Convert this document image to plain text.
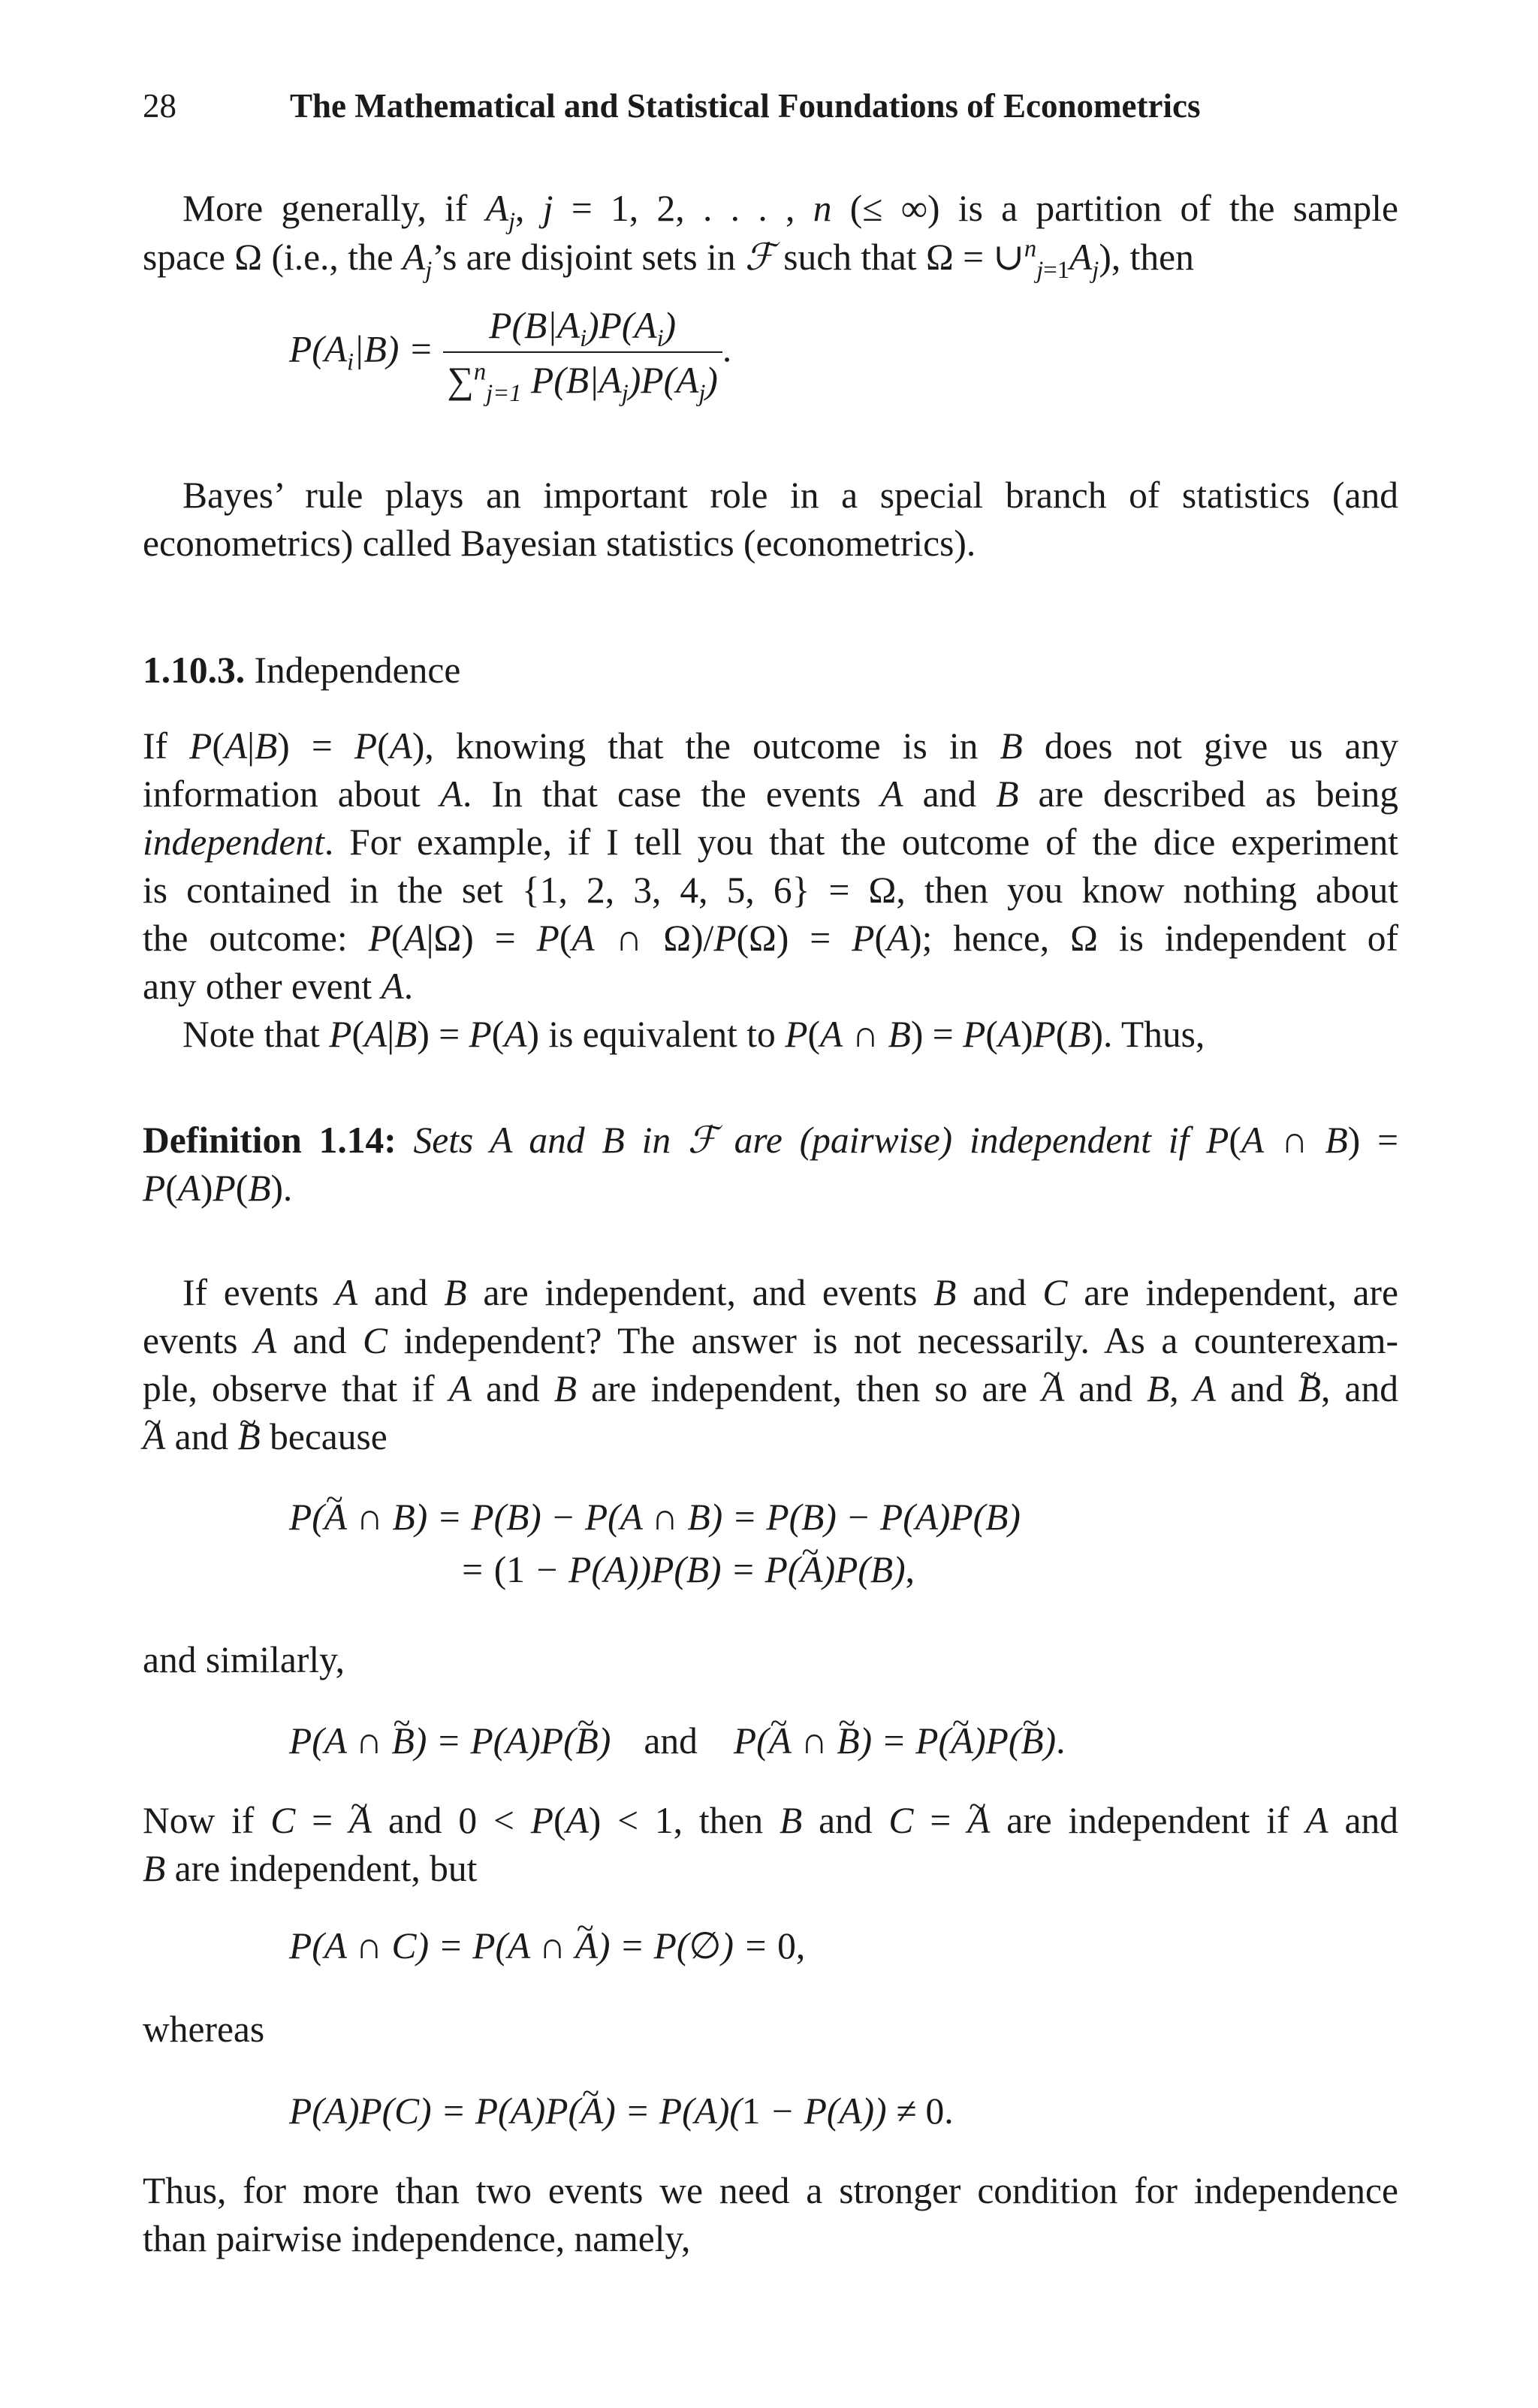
28	The Mathematical and Statistical Foundations of Econometrics
More generally, if $A_j$, j = 1, 2, . . . , n (≤ ∞) is a partition of the sample
space Ω (i.e., the $A_j’s$ are disjoint sets in ℱ such that $\Omega = \cup^n_{j=1}A_j$), then
$P(A_i|B) = \frac{P(B|A_i)P(A_i)}{\sum^n_{j=1} P(B|A_j)P(A_j)}$ .
Bayes’ rule plays an important role in a special branch of statistics (and
econometrics) called Bayesian statistics (econometrics).
1.10.3. Independence
If P(A|B) = P(A), knowing that the outcome is in B does not give us any
information about A. In that case the events A and B are described as being
independent. For example, if I tell you that the outcome of the dice experiment
is contained in the set {1, 2, 3, 4, 5, 6} = Ω, then you know nothing about
the outcome: P(A|Ω) = P(A ∩ Ω)/P(Ω) = P(A); hence, Ω is independent of
any other event A.
Note that P(A|B) = P(A) is equivalent to P(A ∩ B) = P(A)P(B). Thus,
Definition 1.14: Sets A and B in ℱ are (pairwise) independent if P(A ∩ B) =
P(A)P(B).
If events A and B are independent, and events B and C are independent, are
events A and C independent? The answer is not necessarily. As a counterexam-
ple, observe that if A and B are independent, then so are ~ A and B, A and ~ B, and
~ A and ~ B because
P(~ A ∩ B) = P(B) − P(A ∩ B) = P(B) − P(A)P(B)
= (1 − P(A))P(B) = P(~ A)P(B),
and similarly,
P(A ∩ ~ B) = P(A)P(~ B) and P(~ A ∩ ~ B) = P(~ A)P(~ B).
Now if C = ~ A and 0 < P(A) < 1, then B and C = ~ A are independent if A and
B are independent, but
P(A ∩ C) = P(A ∩ ~ A) = P(∅) = 0,
whereas
P(A)P(C) = P(A)P(~ A) = P(A)(1 − P(A)) ≠ 0.
Thus, for more than two events we need a stronger condition for independence
than pairwise independence, namely,
